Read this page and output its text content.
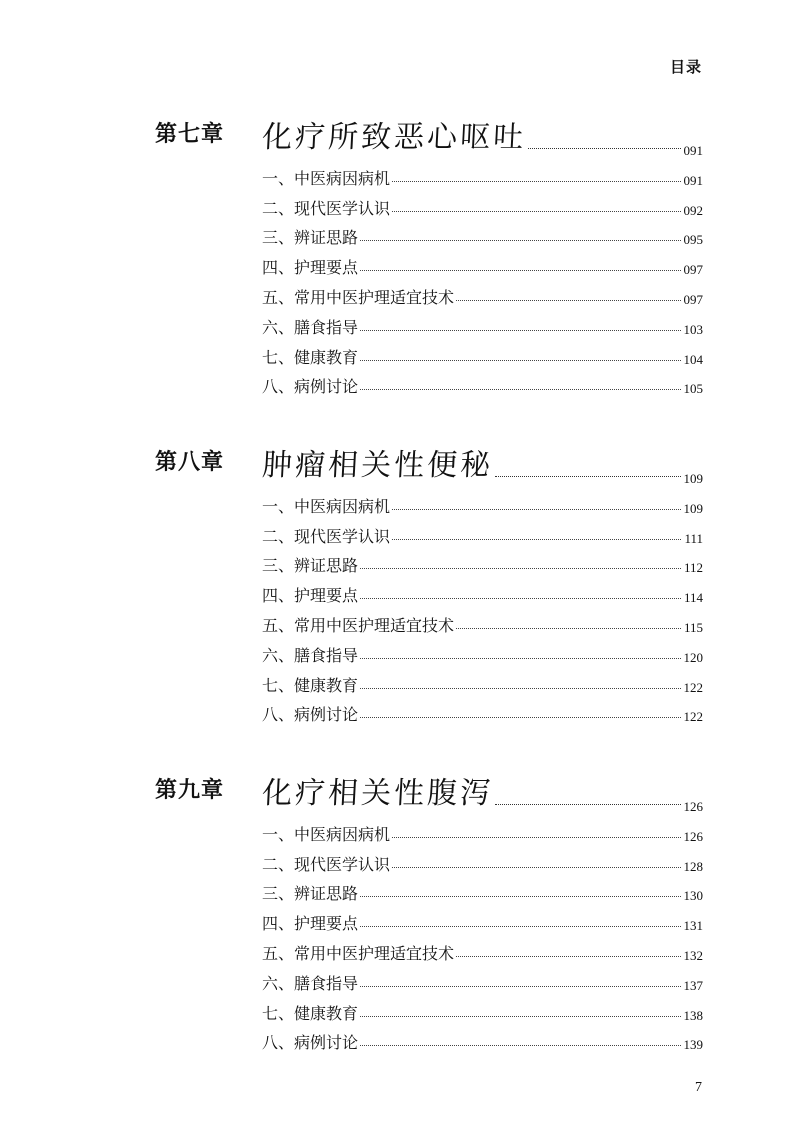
目录
第七章 化疗所致恶心呕吐	091
一、中医病因病机	091
二、现代医学认识	092
三、辨证思路	095
四、护理要点	097
五、常用中医护理适宜技术	097
六、膳食指导	103
七、健康教育	104
八、病例讨论	105
第八章 肿瘤相关性便秘	109
一、中医病因病机	109
二、现代医学认识	111
三、辨证思路	112
四、护理要点	114
五、常用中医护理适宜技术	115
六、膳食指导	120
七、健康教育	122
八、病例讨论	122
第九章 化疗相关性腹泻	126
一、中医病因病机	126
二、现代医学认识	128
三、辨证思路	130
四、护理要点	131
五、常用中医护理适宜技术	132
六、膳食指导	137
七、健康教育	138
八、病例讨论	139
7
